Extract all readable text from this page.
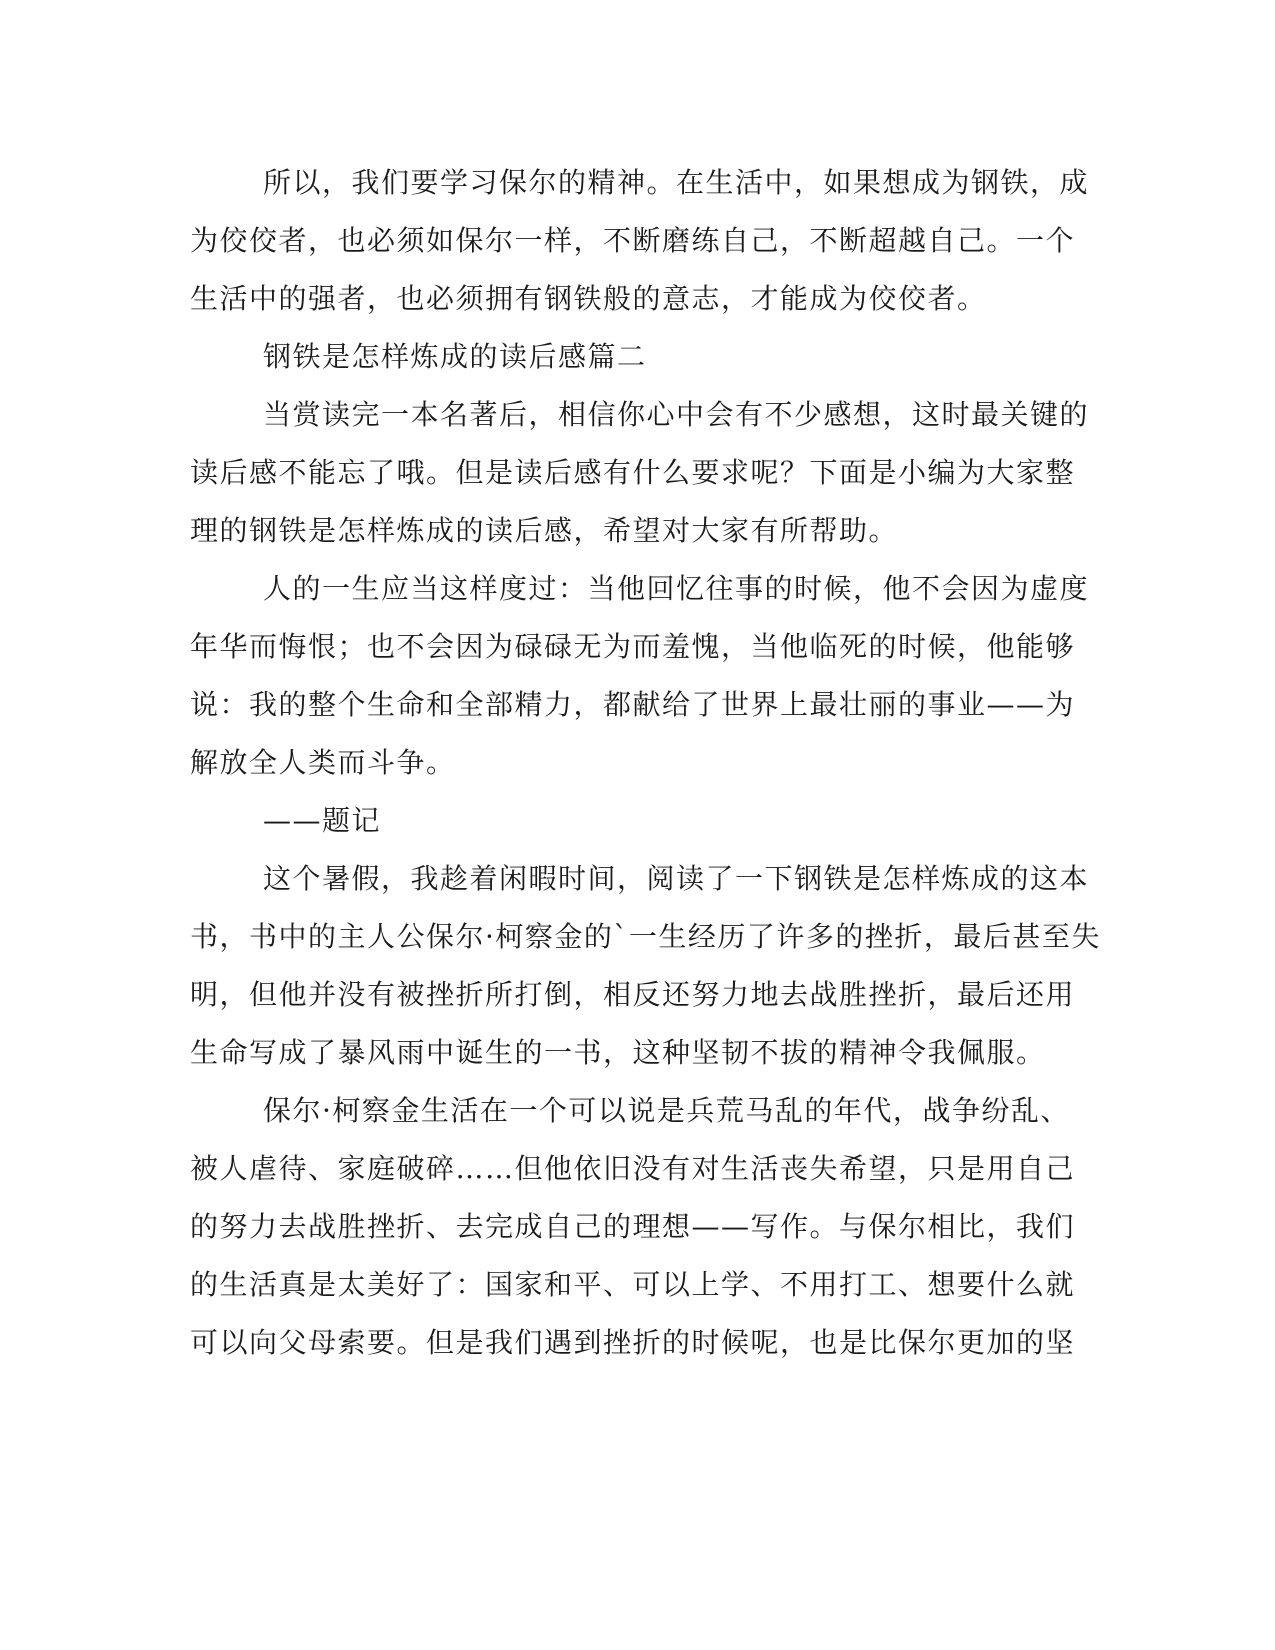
所以，我们要学习保尔的精神。在生活中，如果想成为钢铁，成
为佼佼者，也必须如保尔一样，不断磨练自己，不断超越自己。一个
生活中的强者，也必须拥有钢铁般的意志，才能成为佼佼者。
钢铁是怎样炼成的读后感篇二
当赏读完一本名著后，相信你心中会有不少感想，这时最关键的
读后感不能忘了哦。但是读后感有什么要求呢？下面是小编为大家整
理的钢铁是怎样炼成的读后感，希望对大家有所帮助。
人的一生应当这样度过：当他回忆往事的时候，他不会因为虚度
年华而悔恨；也不会因为碌碌无为而羞愧，当他临死的时候，他能够
说：我的整个生命和全部精力，都献给了世界上最壮丽的事业——为
解放全人类而斗争。
——题记
这个暑假，我趁着闲暇时间，阅读了一下钢铁是怎样炼成的这本
书，书中的主人公保尔·柯察金的`一生经历了许多的挫折，最后甚至失
明，但他并没有被挫折所打倒，相反还努力地去战胜挫折，最后还用
生命写成了暴风雨中诞生的一书，这种坚韧不拔的精神令我佩服。
保尔·柯察金生活在一个可以说是兵荒马乱的年代，战争纷乱、
被人虐待、家庭破碎……但他依旧没有对生活丧失希望，只是用自己
的努力去战胜挫折、去完成自己的理想——写作。与保尔相比，我们
的生活真是太美好了：国家和平、可以上学、不用打工、想要什么就
可以向父母索要。但是我们遇到挫折的时候呢，也是比保尔更加的坚
